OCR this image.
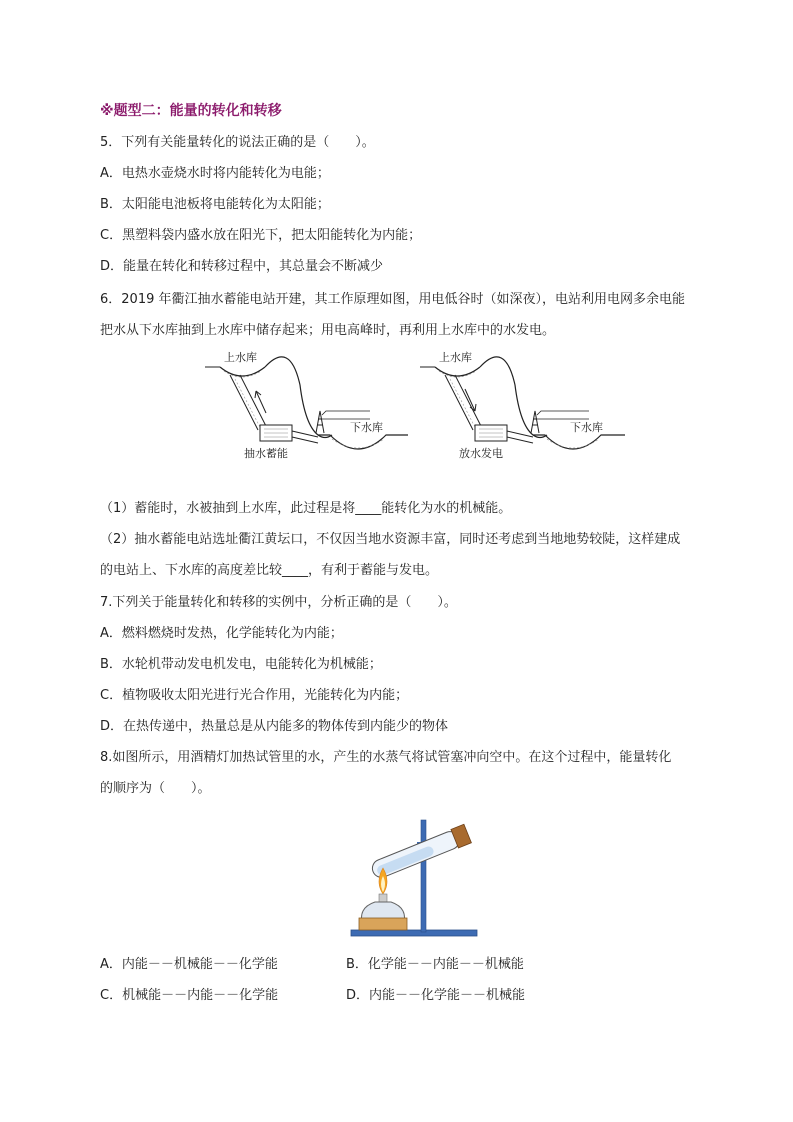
※题型二：能量的转化和转移
5．下列有关能量转化的说法正确的是（　　）。
A．电热水壶烧水时将内能转化为电能；
B．太阳能电池板将电能转化为太阳能；
C．黑塑料袋内盛水放在阳光下，把太阳能转化为内能；
D．能量在转化和转移过程中，其总量会不断减少
6．2019 年衢江抽水蓄能电站开建，其工作原理如图，用电低谷时（如深夜），电站利用电网多余电能
把水从下水库抽到上水库中储存起来；用电高峰时，再利用上水库中的水发电。
上水库
下水库
抽水蓄能
上水库
下水库
放水发电
（1）蓄能时，水被抽到上水库，此过程是将____能转化为水的机械能。
（2）抽水蓄能电站选址衢江黄坛口，不仅因当地水资源丰富，同时还考虑到当地地势较陡，这样建成
的电站上、下水库的高度差比较____，有利于蓄能与发电。
7.下列关于能量转化和转移的实例中，分析正确的是（　　）。
A．燃料燃烧时发热，化学能转化为内能；
B．水轮机带动发电机发电，电能转化为机械能；
C．植物吸收太阳光进行光合作用，光能转化为内能；
D．在热传递中，热量总是从内能多的物体传到内能少的物体
8.如图所示，用酒精灯加热试管里的水，产生的水蒸气将试管塞冲向空中。在这个过程中，能量转化
的顺序为（　　）。
A．内能－－机械能－－化学能	B．化学能－－内能－－机械能
C．机械能－－内能－－化学能	D．内能－－化学能－－机械能
